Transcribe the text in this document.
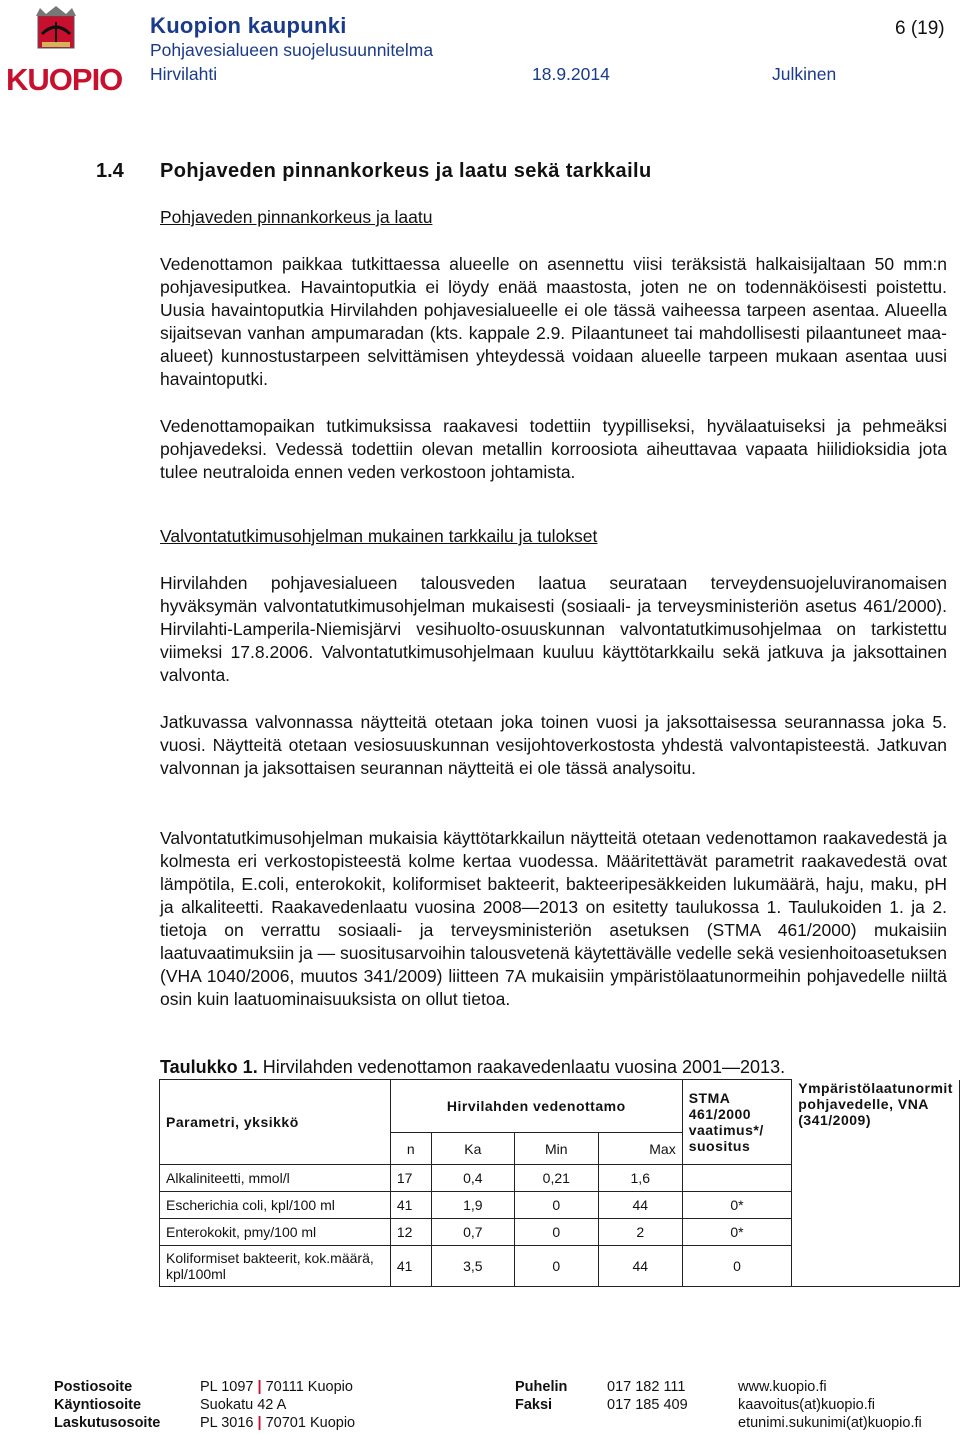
KUOPIO
Kuopion kaupunki
Pohjavesialueen suojelusuunnitelma
Hirvilahti	18.9.2014	Julkinen
6 (19)
1.4 Pohjaveden pinnankorkeus ja laatu sekä tarkkailu
Pohjaveden pinnankorkeus ja laatu

Vedenottamon paikkaa tutkittaessa alueelle on asennettu viisi teräksistä halkaisijaltaan 50 mm:n pohjavesiputkea. Havaintoputkia ei löydy enää maastosta, joten ne on todennäköisesti poistettu. Uusia havaintoputkia Hirvilahden pohjavesialueelle ei ole tässä vaiheessa tarpeen asentaa. Alueella sijaitsevan vanhan ampumaradan (kts. kappale 2.9. Pilaantuneet tai mahdollisesti pilaantuneet maa-alueet) kunnostustarpeen selvittämisen yhteydessä voidaan alueelle tarpeen mukaan asentaa uusi havaintoputki.

Vedenottamopaikan tutkimuksissa raakavesi todettiin tyypilliseksi, hyvälaatuiseksi ja pehmeäksi pohjavedeksi. Vedessä todettiin olevan metallin korroosiota aiheuttavaa vapaata hiilidioksidia jota tulee neutraloida ennen veden verkostoon johtamista.

Valvontatutkimusohjelman mukainen tarkkailu ja tulokset

Hirvilahden pohjavesialueen talousveden laatua seurataan terveydensuojeluviranomaisen hyväksymän valvontatutkimusohjelman mukaisesti (sosiaali- ja terveysministeriön asetus 461/2000). Hirvilahti-Lamperila-Niemisjärvi vesihuolto-osuuskunnan valvontatutkimusohjelmaa on tarkistettu viimeksi 17.8.2006. Valvontatutkimusohjelmaan kuuluu käyttötarkkailu sekä jatkuva ja jaksottainen valvonta.

Jatkuvassa valvonnassa näytteitä otetaan joka toinen vuosi ja jaksottaisessa seurannassa joka 5. vuosi. Näytteitä otetaan vesiosuuskunnan vesijohtoverkostosta yhdestä valvontapisteestä. Jatkuvan valvonnan ja jaksottaisen seurannan näytteitä ei ole tässä analysoitu.

Valvontatutkimusohjelman mukaisia käyttötarkkailun näytteitä otetaan vedenottamon raakavedestä ja kolmesta eri verkostopisteestä kolme kertaa vuodessa. Määritettävät parametrit raakavedestä ovat lämpötila, E.coli, enterokokit, koliformiset bakteerit, bakteeripesäkkeiden lukumäärä, haju, maku, pH ja alkaliteetti. Raakavedenlaatu vuosina 2008—2013 on esitetty taulukossa 1. Taulukoiden 1. ja 2. tietoja on verrattu sosiaali- ja terveysministeriön asetuksen (STMA 461/2000) mukaisiin laatuvaatimuksiin ja — suositusarvoihin talousvetenä käytettävälle vedelle sekä vesienhoitoasetuksen (VHA 1040/2006, muutos 341/2009) liitteen 7A mukaisiin ympäristölaatunormeihin pohjavedelle niiltä osin kuin laatuominaisuuksista on ollut tietoa.

Taulukko 1. Hirvilahden vedenottamon raakavedenlaatu vuosina 2001—2013.
Parametri, yksikkö	Hirvilahden vedenottamo				STMA 461/2000 vaatimus*/ suositus	Ympäristölaatunormit pohjavedelle, VNA (341/2009)
	n	Ka	Min	Max		
Alkaliniteetti, mmol/l	17	0,4	0,21	1,6		
Escherichia coli, kpl/100 ml	41	1,9	0	44	0*	
Enterokokit, pmy/100 ml	12	0,7	0	2	0*	
Koliformiset bakteerit, kok.määrä, kpl/100ml	41	3,5	0	44	0	
Postiosoite
Käyntiosoite
Laskutusosoite
PL 1097 | 70111 Kuopio
Suokatu 42 A
PL 3016 | 70701 Kuopio
Puhelin
Faksi
017 182 111
017 185 409
www.kuopio.fi
kaavoitus(at)kuopio.fi
etunimi.sukunimi(at)kuopio.fi
